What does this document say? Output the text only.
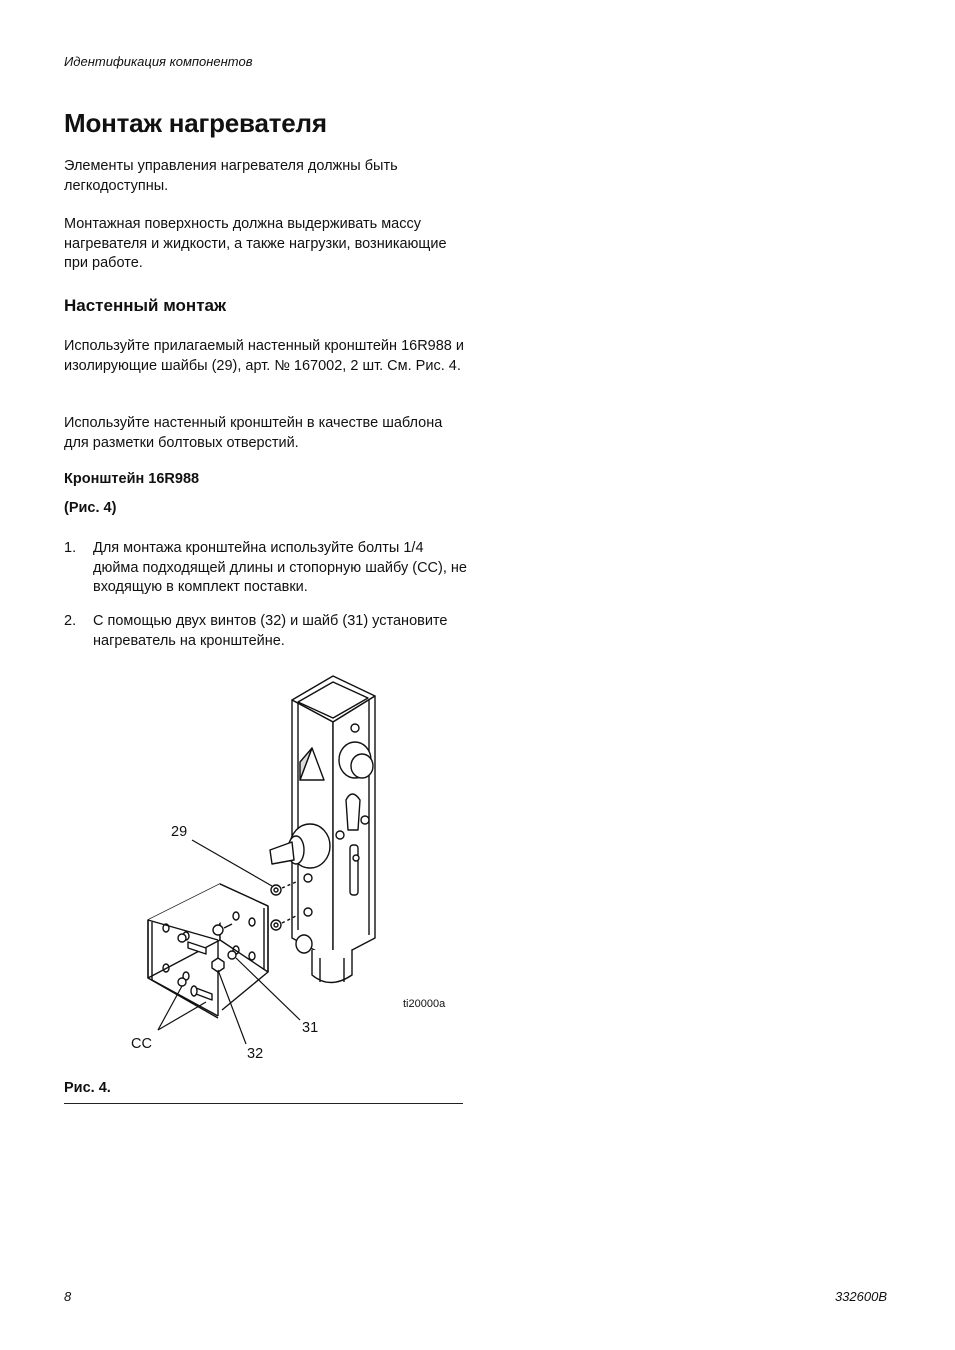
Идентификация компонентов
Монтаж нагревателя
Элементы управления нагревателя должны быть легкодоступны.
Монтажная поверхность должна выдерживать массу нагревателя и жидкости, а также нагрузки, возникающие при работе.
Настенный монтаж
Используйте прилагаемый настенный кронштейн 16R988 и изолирующие шайбы (29), арт. № 167002, 2 шт. См. Рис. 4.
Используйте настенный кронштейн в качестве шаблона для разметки болтовых отверстий.
Кронштейн 16R988
(Рис. 4)
1. Для монтажа кронштейна используйте болты 1/4 дюйма подходящей длины и стопорную шайбу (CC), не входящую в комплект поставки.
2. С помощью двух винтов (32) и шайб (31) установите нагреватель на кронштейне.
29
31
32
CC
ti20000a
Рис. 4.
8	332600B
